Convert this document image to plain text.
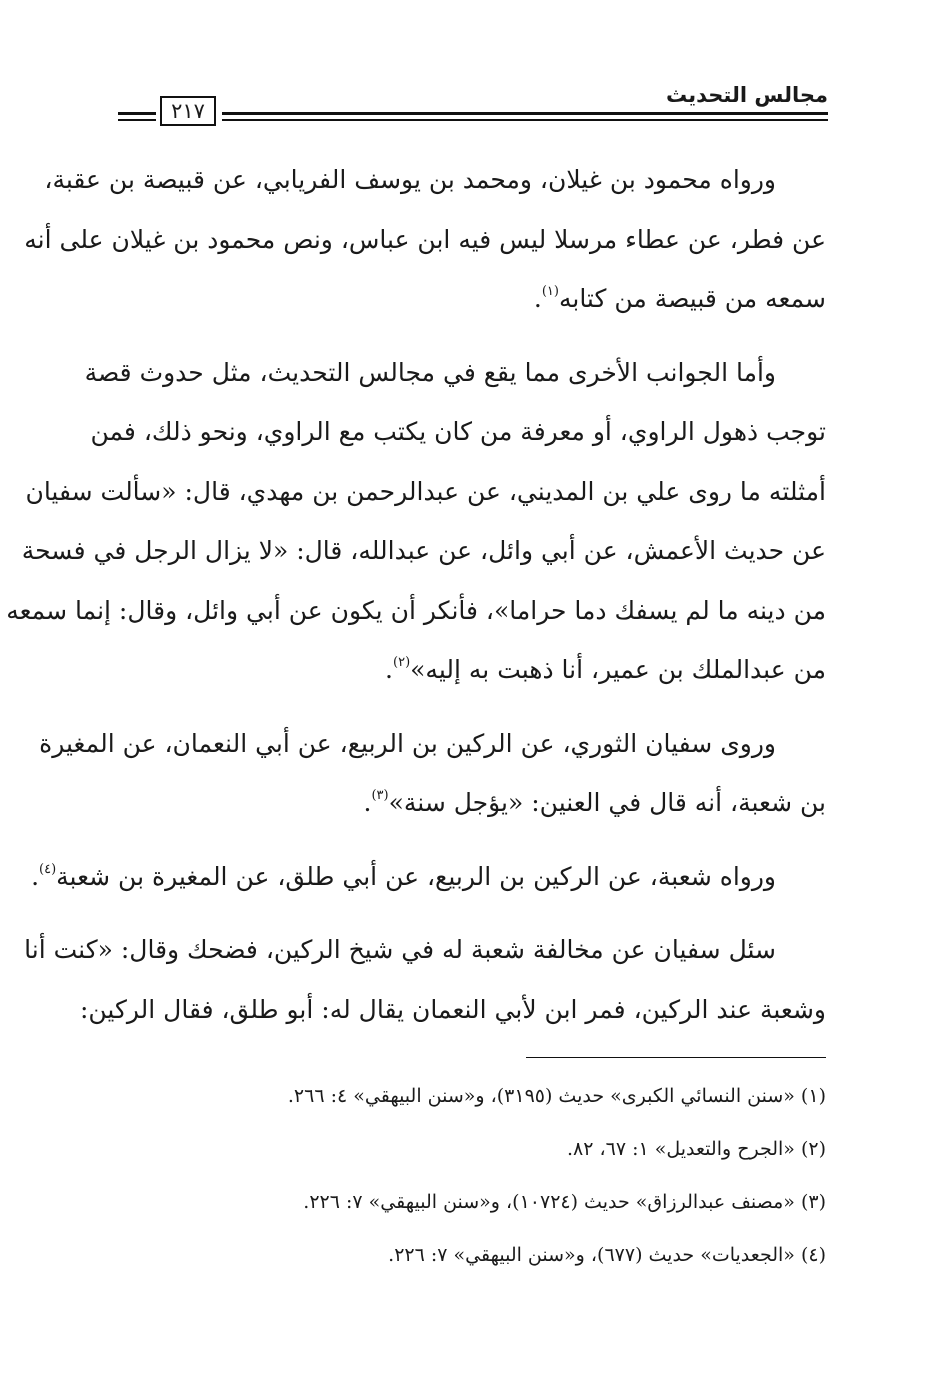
مجالس التحديث
٢١٧
ورواه محمود بن غيلان، ومحمد بن يوسف الفريابي، عن قبيصة بن عقبة،
عن فطر، عن عطاء مرسلا ليس فيه ابن عباس، ونص محمود بن غيلان على أنه
سمعه من قبيصة من كتابه$^{(١)}$.
وأما الجوانب الأخرى مما يقع في مجالس التحديث، مثل حدوث قصة
توجب ذهول الراوي، أو معرفة من كان يكتب مع الراوي، ونحو ذلك، فمن
أمثلته ما روى علي بن المديني، عن عبدالرحمن بن مهدي، قال: «سألت سفيان
عن حديث الأعمش، عن أبي وائل، عن عبدالله، قال: «لا يزال الرجل في فسحة
من دينه ما لم يسفك دما حراما»، فأنكر أن يكون عن أبي وائل، وقال: إنما سمعه
من عبدالملك بن عمير، أنا ذهبت به إليه»$^{(٢)}$.
وروى سفيان الثوري، عن الركين بن الربيع، عن أبي النعمان، عن المغيرة
بن شعبة، أنه قال في العنين: «يؤجل سنة»$^{(٣)}$.
ورواه شعبة، عن الركين بن الربيع، عن أبي طلق، عن المغيرة بن شعبة$^{(٤)}$.
سئل سفيان عن مخالفة شعبة له في شيخ الركين، فضحك وقال: «كنت أنا
وشعبة عند الركين، فمر ابن لأبي النعمان يقال له: أبو طلق، فقال الركين:
(١) «سنن النسائي الكبرى» حديث (٣١٩٥)، و«سنن البيهقي» ٤: ٢٦٦.
(٢) «الجرح والتعديل» ١: ٦٧، ٨٢.
(٣) «مصنف عبدالرزاق» حديث (١٠٧٢٤)، و«سنن البيهقي» ٧: ٢٢٦.
(٤) «الجعديات» حديث (٦٧٧)، و«سنن البيهقي» ٧: ٢٢٦.
